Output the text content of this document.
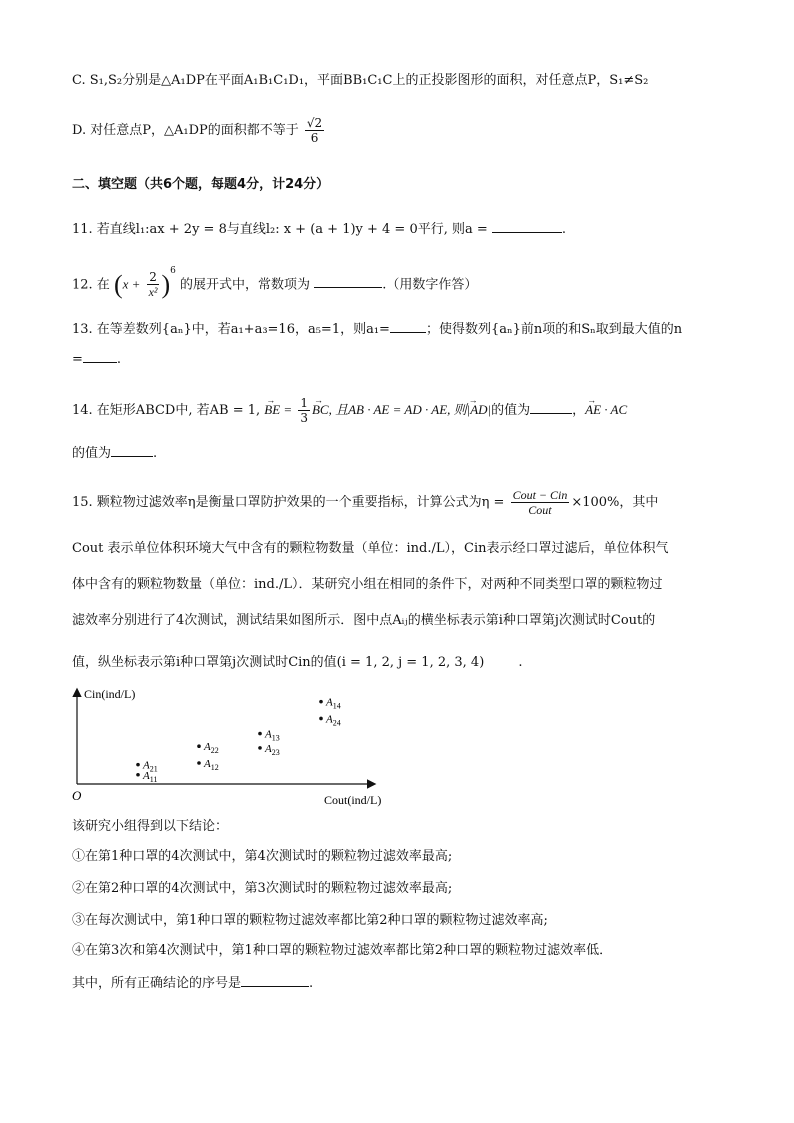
C. S₁,S₂分别是△A₁DP在平面A₁B₁C₁D₁，平面BB₁C₁C上的正投影图形的面积，对任意点P，S₁≠S₂
D. 对任意点P，△A₁DP的面积都不等于 $\frac{√2}{6}$
二、填空题（共6个题，每题4分，计24分）
11. 若直线l₁:ax + 2y = 8与直线l₂: x + (a + 1)y + 4 = 0平行, 则a =	.
12. 在 $(x + \frac{2}{\text{x²}} )^6$ 的展开式中，常数项为	.（用数字作答）
13. 在等差数列{aₙ}中，若a₁+a₃=16，a₅=1，则a₁=	；使得数列{aₙ}前n项的和Sₙ取到最大值的n
=	.
14. 在矩形ABCD中, 若AB = 1, → BE = $\frac{1}{3}$ → BC, 且AB · AE = AD · AE, 则→ |AD|的值为	，→ AE · AC
的值为	.
15. 颗粒物过滤效率η是衡量口罩防护效果的一个重要指标，计算公式为$\eta = \frac{\text{Cout − Cin}}{\text{Cout}} \times 100\%$，其中
Cout 表示单位体积环境大气中含有的颗粒物数量（单位：ind./L），Cin表示经口罩过滤后，单位体积气
体中含有的颗粒物数量（单位：ind./L）．某研究小组在相同的条件下，对两种不同类型口罩的颗粒物过
滤效率分别进行了4次测试，测试结果如图所示．图中点Aᵢⱼ的横坐标表示第i种口罩第j次测试时Cout的
值，纵坐标表示第i种口罩第j次测试时Cin的值(i = 1, 2, j = 1, 2, 3, 4)	.
Cin(ind/L)
Cout(ind/L)
O
$A_{21}$
$A_{11}$
$A_{22}$
$A_{12}$
$A_{13}$
$A_{23}$
$A_{14}$
$A_{24}$
该研究小组得到以下结论：
①在第1种口罩的4次测试中，第4次测试时的颗粒物过滤效率最高;
②在第2种口罩的4次测试中，第3次测试时的颗粒物过滤效率最高;
③在每次测试中，第1种口罩的颗粒物过滤效率都比第2种口罩的颗粒物过滤效率高;
④在第3次和第4次测试中，第1种口罩的颗粒物过滤效率都比第2种口罩的颗粒物过滤效率低．
其中，所有正确结论的序号是	.
